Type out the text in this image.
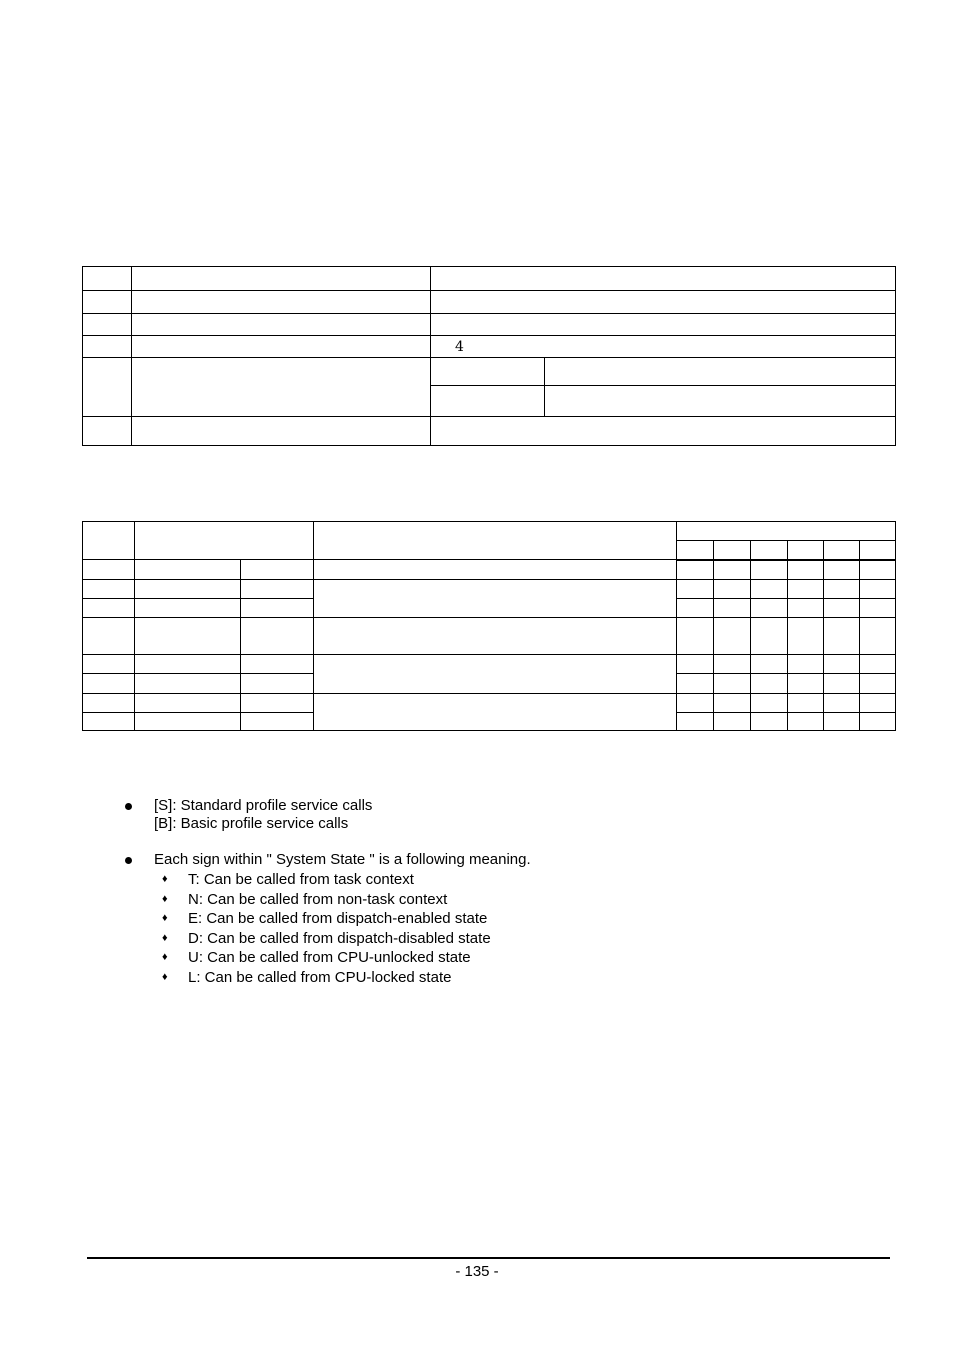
		4	

[S]: Standard profile service calls
[B]: Basic profile service calls
Each sign within " System State " is a following meaning.
♦ T: Can be called from task context
♦ N: Can be called from non-task context
♦ E: Can be called from dispatch-enabled state
♦ D: Can be called from dispatch-disabled state
♦ U: Can be called from CPU-unlocked state
♦ L: Can be called from CPU-locked state
- 135 -
